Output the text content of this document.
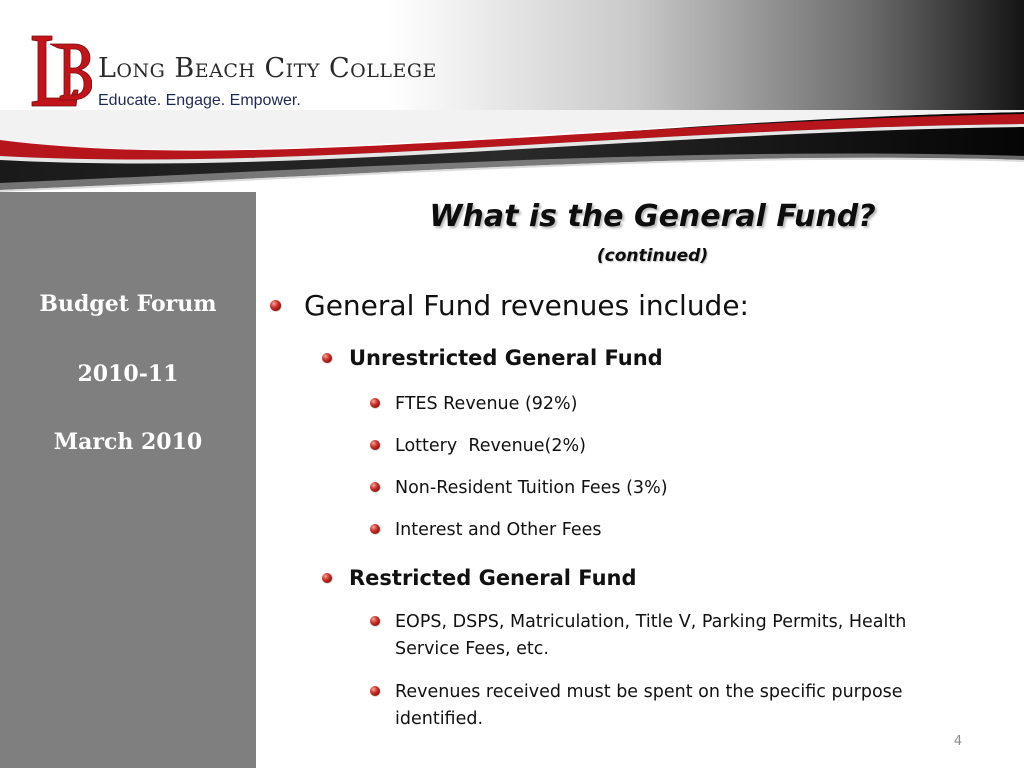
Long Beach City College

Educate. Engage. Empower.

Budget Forum

2010-11

March 2010

What is the General Fund?

(continued)

General Fund revenues include:
Unrestricted General Fund
FTES Revenue (92%)
Lottery  Revenue(2%)
Non-Resident Tuition Fees (3%)
Interest and Other Fees
Restricted General Fund
EOPS, DSPS, Matriculation, Title V, Parking Permits, Health Service Fees, etc.
Revenues received must be spent on the specific purpose identified.

4
